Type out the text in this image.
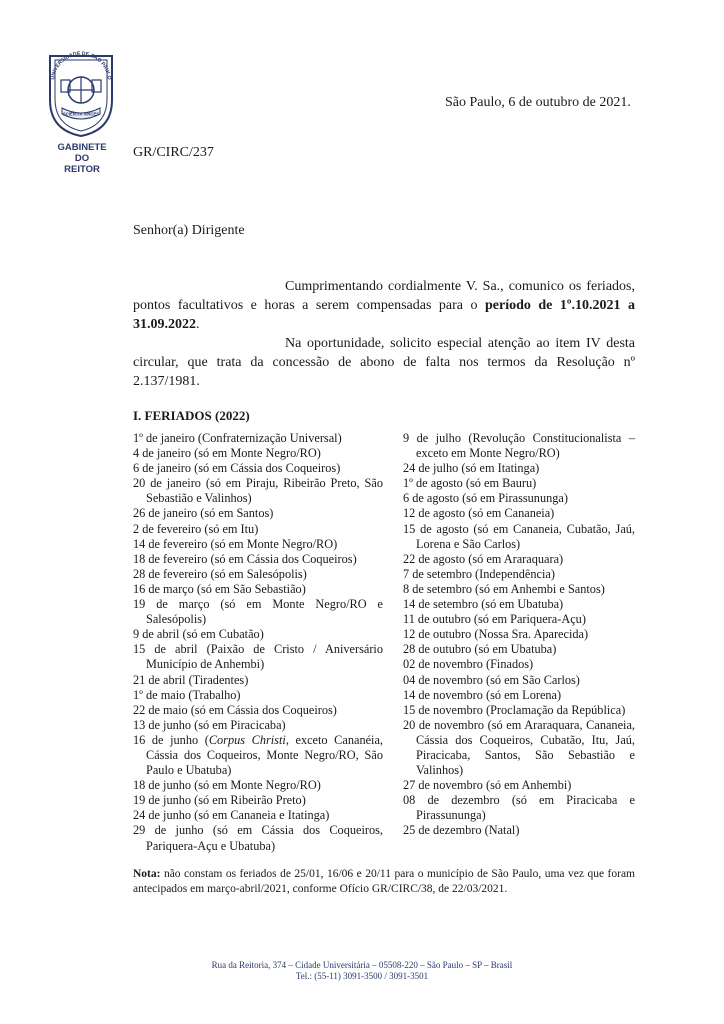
UNIVERSIDADE DE SÃO PAULO
SCIENTIA VINCES
GABINETE
DO
REITOR
São Paulo, 6 de outubro de 2021.
GR/CIRC/237
Senhor(a) Dirigente
Cumprimentando cordialmente V. Sa., comunico os feriados, pontos facultativos e horas a serem compensadas para o período de 1º.10.2021 a 31.09.2022.
Na oportunidade, solicito especial atenção ao item IV desta circular, que trata da concessão de abono de falta nos termos da Resolução nº 2.137/1981.
I. FERIADOS (2022)

1º de janeiro (Confraternização Universal)

4 de janeiro (só em Monte Negro/RO)

6 de janeiro (só em Cássia dos Coqueiros)

20 de janeiro (só em Piraju, Ribeirão Preto, São Sebastião e Valinhos)

26 de janeiro (só em Santos)

2 de fevereiro (só em Itu)

14 de fevereiro (só em Monte Negro/RO)

18 de fevereiro (só em Cássia dos Coqueiros)

28 de fevereiro (só em Salesópolis)

16 de março (só em São Sebastião)

19 de março (só em Monte Negro/RO e Salesópolis)

9 de abril (só em Cubatão)

15 de abril (Paixão de Cristo / Aniversário Município de Anhembi)

21 de abril (Tiradentes)

1º de maio (Trabalho)

22 de maio (só em Cássia dos Coqueiros)

13 de junho (só em Piracicaba)

16 de junho (Corpus Christi, exceto Cananéia, Cássia dos Coqueiros, Monte Negro/RO, São Paulo e Ubatuba)

18 de junho (só em Monte Negro/RO)

19 de junho (só em Ribeirão Preto)

24 de junho (só em Cananeia e Itatinga)

29 de junho (só em Cássia dos Coqueiros, Pariquera-Açu e Ubatuba)

9 de julho (Revolução Constitucionalista – exceto em Monte Negro/RO)

24 de julho (só em Itatinga)

1º de agosto (só em Bauru)

6 de agosto (só em Pirassununga)

12 de agosto (só em Cananeia)

15 de agosto (só em Cananeia, Cubatão, Jaú, Lorena e São Carlos)

22 de agosto (só em Araraquara)

7 de setembro (Independência)

8 de setembro (só em Anhembi e Santos)

14 de setembro (só em Ubatuba)

11 de outubro (só em Pariquera-Açu)

12 de outubro (Nossa Sra. Aparecida)

28 de outubro (só em Ubatuba)

02 de novembro (Finados)

04 de novembro (só em São Carlos)

14 de novembro (só em Lorena)

15 de novembro (Proclamação da República)

20 de novembro (só em Araraquara, Cananeia, Cássia dos Coqueiros, Cubatão, Itu, Jaú, Piracicaba, Santos, São Sebastião e Valinhos)

27 de novembro (só em Anhembi)

08 de dezembro (só em Piracicaba e Pirassununga)

25 de dezembro (Natal)

Nota: não constam os feriados de 25/01, 16/06 e 20/11 para o município de São Paulo, uma vez que foram antecipados em março-abril/2021, conforme Ofício GR/CIRC/38, de 22/03/2021.
Rua da Reitoria, 374 – Cidade Universitária – 05508-220 – São Paulo – SP – Brasil
Tel.: (55-11) 3091-3500 / 3091-3501
